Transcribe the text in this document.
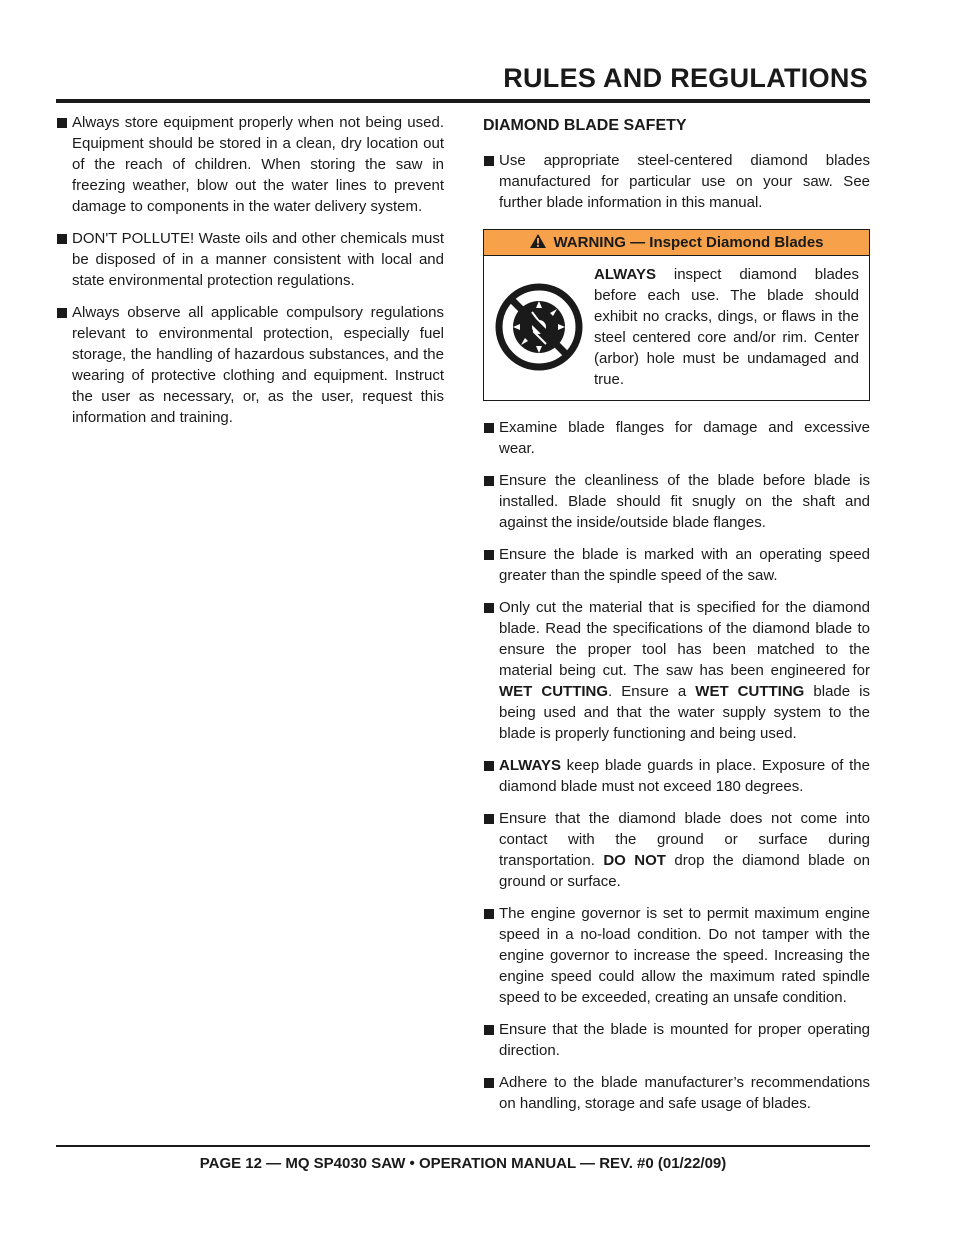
RULES AND REGULATIONS

Always store equipment properly when not being used. Equipment should be stored in a clean, dry location out of the reach of children. When storing the saw in freezing weather, blow out the water lines to prevent damage to components in the water delivery system.

DON'T POLLUTE! Waste oils and other chemicals must be disposed of in a manner consistent with local and state environmental protection regulations.

Always observe all applicable compulsory regulations relevant to environmental protection, especially fuel storage, the handling of hazardous substances, and the wearing of protective clothing and equipment. Instruct the user as necessary, or, as the user, request this information and training.

DIAMOND BLADE SAFETY

Use appropriate steel-centered diamond blades manufactured for particular use on your saw. See further blade information in this manual.

WARNING — Inspect Diamond Blades
ALWAYS inspect diamond blades before each use. The blade should exhibit no cracks, dings, or flaws in the steel centered core and/or rim. Center (arbor) hole must be undamaged and true.

Examine blade flanges for damage and excessive wear.

Ensure the cleanliness of the blade before blade is installed. Blade should fit snugly on the shaft and against the inside/outside blade flanges.

Ensure the blade is marked with an operating speed greater than the spindle speed of the saw.

Only cut the material that is specified for the diamond blade. Read the specifications of the diamond blade to ensure the proper tool has been matched to the material being cut. The saw has been engineered for WET CUTTING. Ensure a WET CUTTING blade is being used and that the water supply system to the blade is properly functioning and being used.

ALWAYS keep blade guards in place. Exposure of the diamond blade must not exceed 180 degrees.

Ensure that the diamond blade does not come into contact with the ground or surface during transportation. DO NOT drop the diamond blade on ground or surface.

The engine governor is set to permit maximum engine speed in a no-load condition. Do not tamper with the engine governor to increase the speed. Increasing the engine speed could allow the maximum rated spindle speed to be exceeded, creating an unsafe condition.

Ensure that the blade is mounted for proper operating direction.

Adhere to the blade manufacturer’s recommendations on handling, storage and safe usage of blades.

PAGE 12 — MQ SP4030 SAW • OPERATION MANUAL — REV. #0 (01/22/09)
